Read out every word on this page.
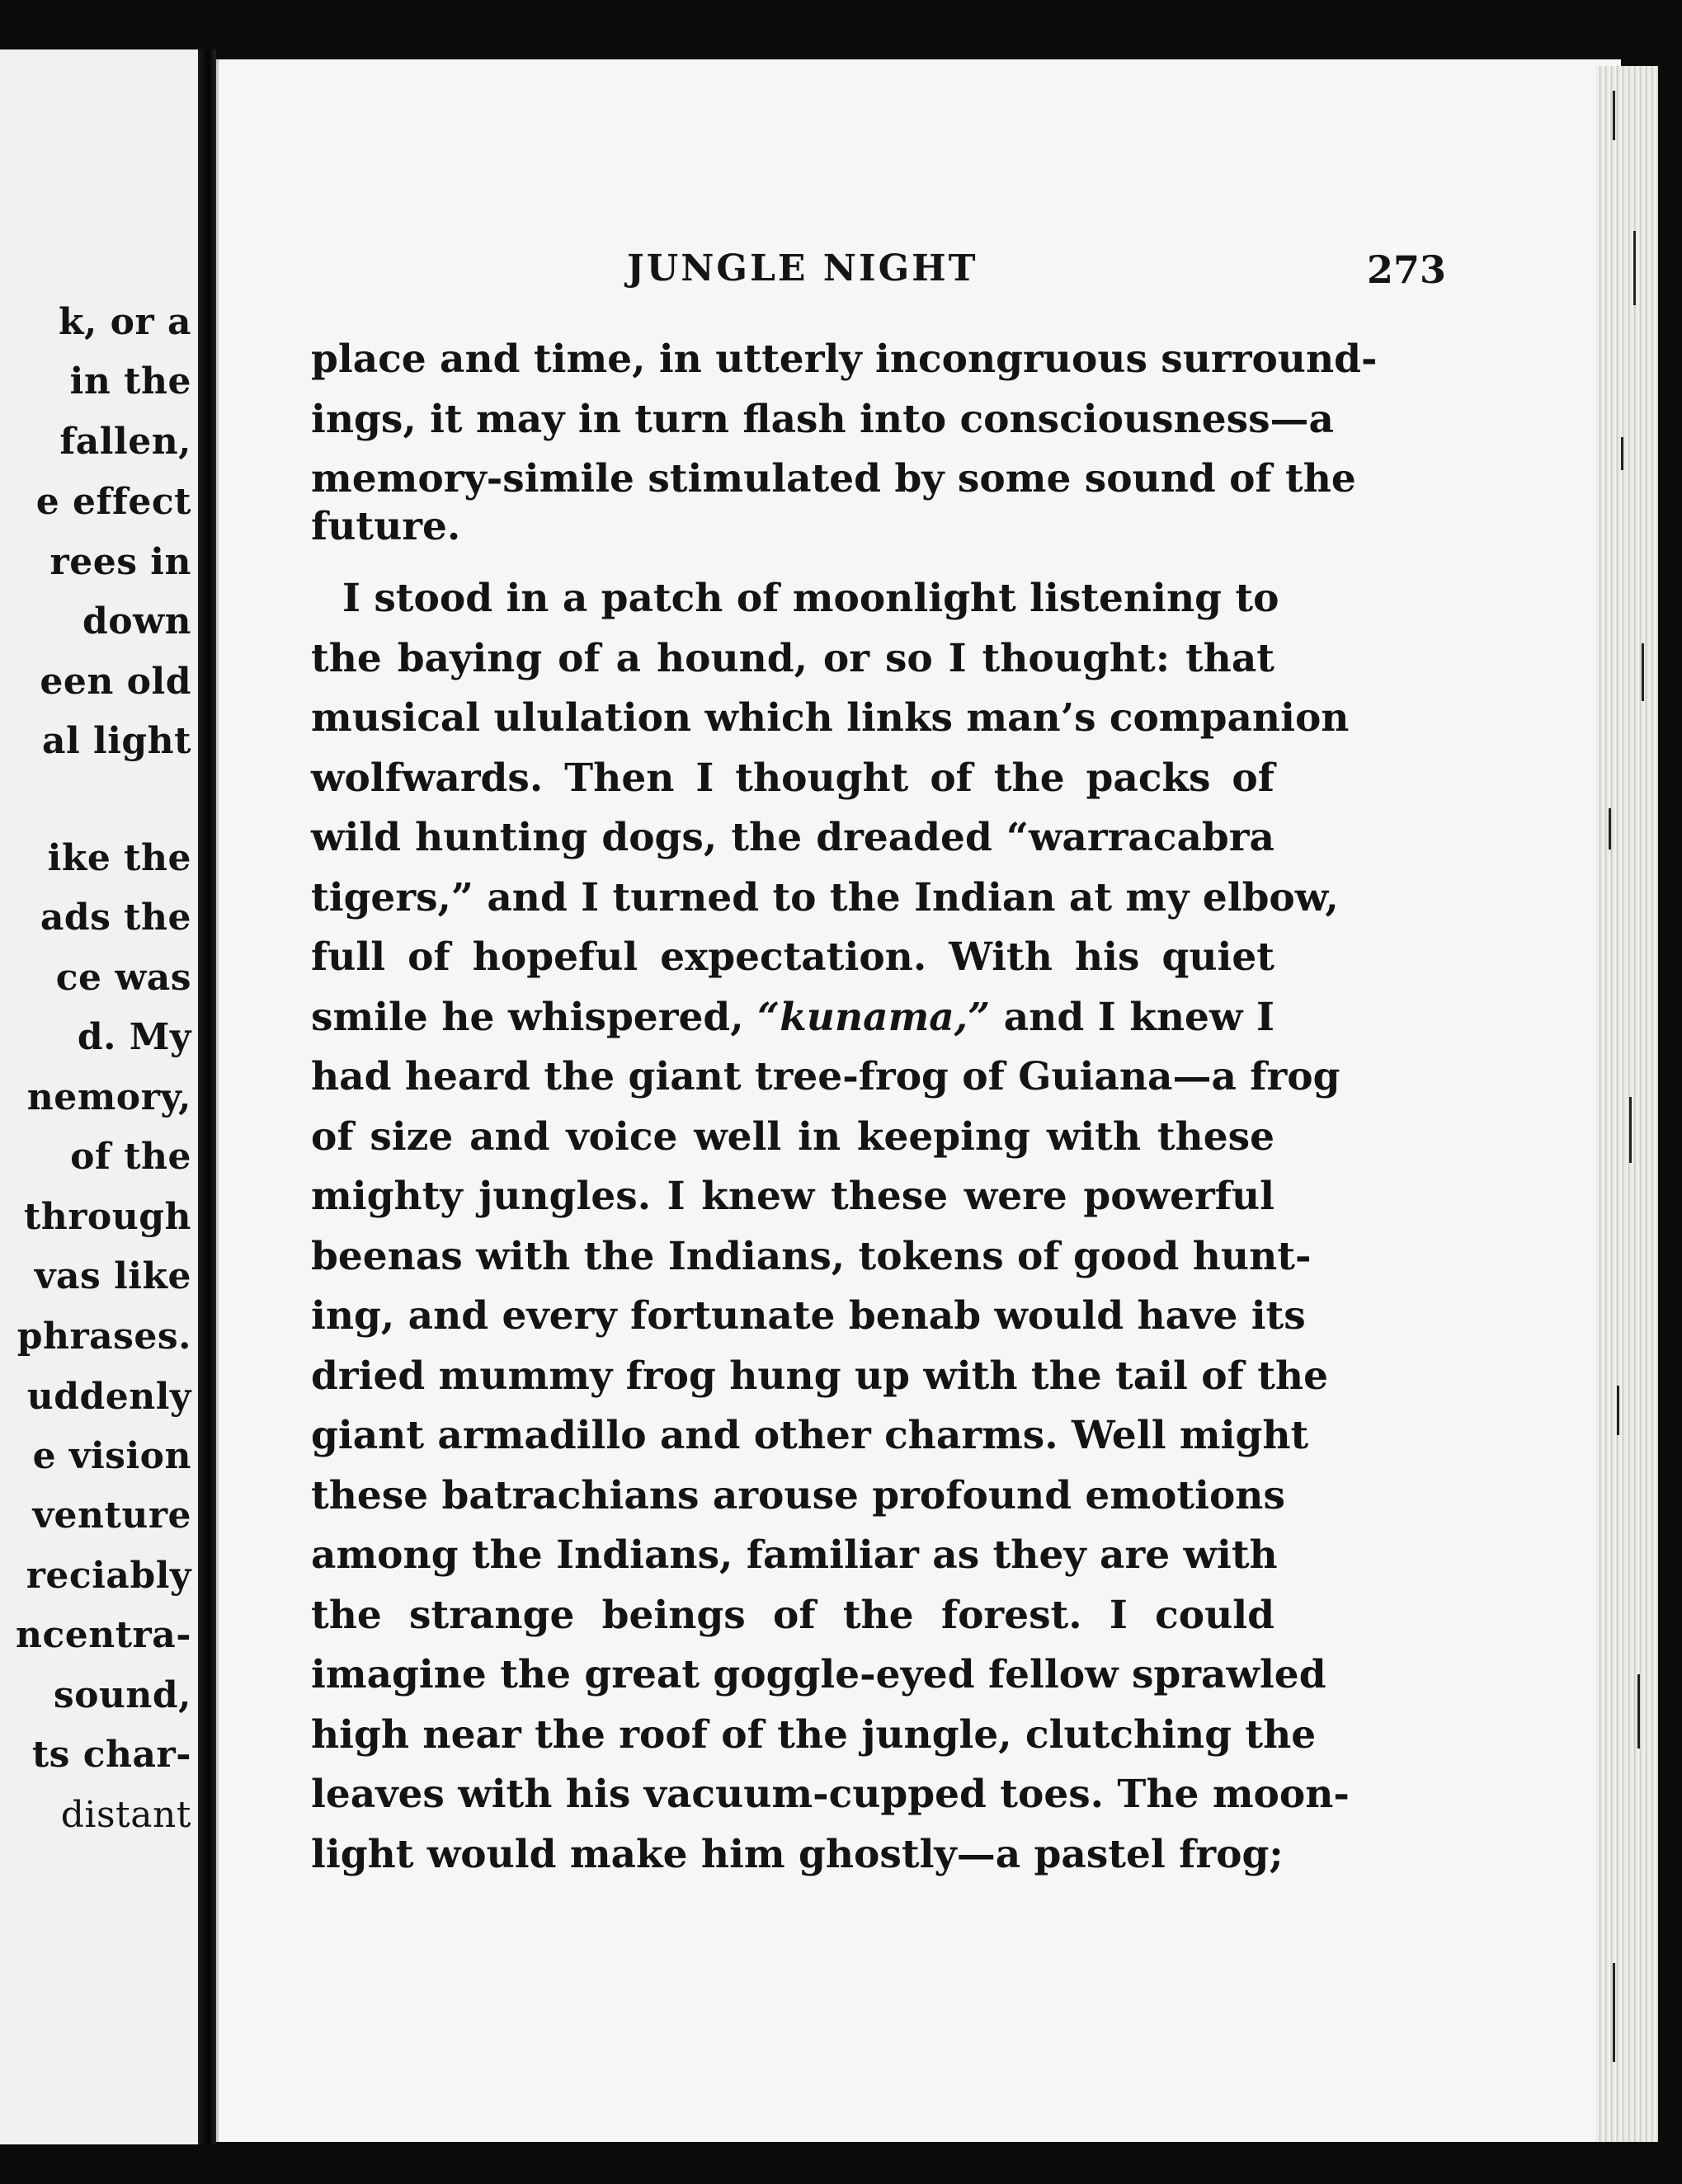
k, or a
in the
fallen,
e effect
rees in
down
een old
al light
ike the
ads the
ce was
d. My
nemory,
of the
through
vas like
phrases.
uddenly
e vision
venture
reciably
ncentra-
sound,
ts char-
distant
JUNGLE NIGHT	273
place and time, in utterly incongruous surround-
ings, it may in turn flash into consciousness—a
memory-simile stimulated by some sound of the
future.
I stood in a patch of moonlight listening to
the baying of a hound, or so I thought: that
musical ululation which links man’s companion
wolfwards. Then I thought of the packs of
wild hunting dogs, the dreaded “warracabra
tigers,” and I turned to the Indian at my elbow,
full of hopeful expectation. With his quiet
smile he whispered, “kunama,” and I knew I
had heard the giant tree-frog of Guiana—a frog
of size and voice well in keeping with these
mighty jungles. I knew these were powerful
beenas with the Indians, tokens of good hunt-
ing, and every fortunate benab would have its
dried mummy frog hung up with the tail of the
giant armadillo and other charms. Well might
these batrachians arouse profound emotions
among the Indians, familiar as they are with
the strange beings of the forest. I could
imagine the great goggle-eyed fellow sprawled
high near the roof of the jungle, clutching the
leaves with his vacuum-cupped toes. The moon-
light would make him ghostly—a pastel frog;
